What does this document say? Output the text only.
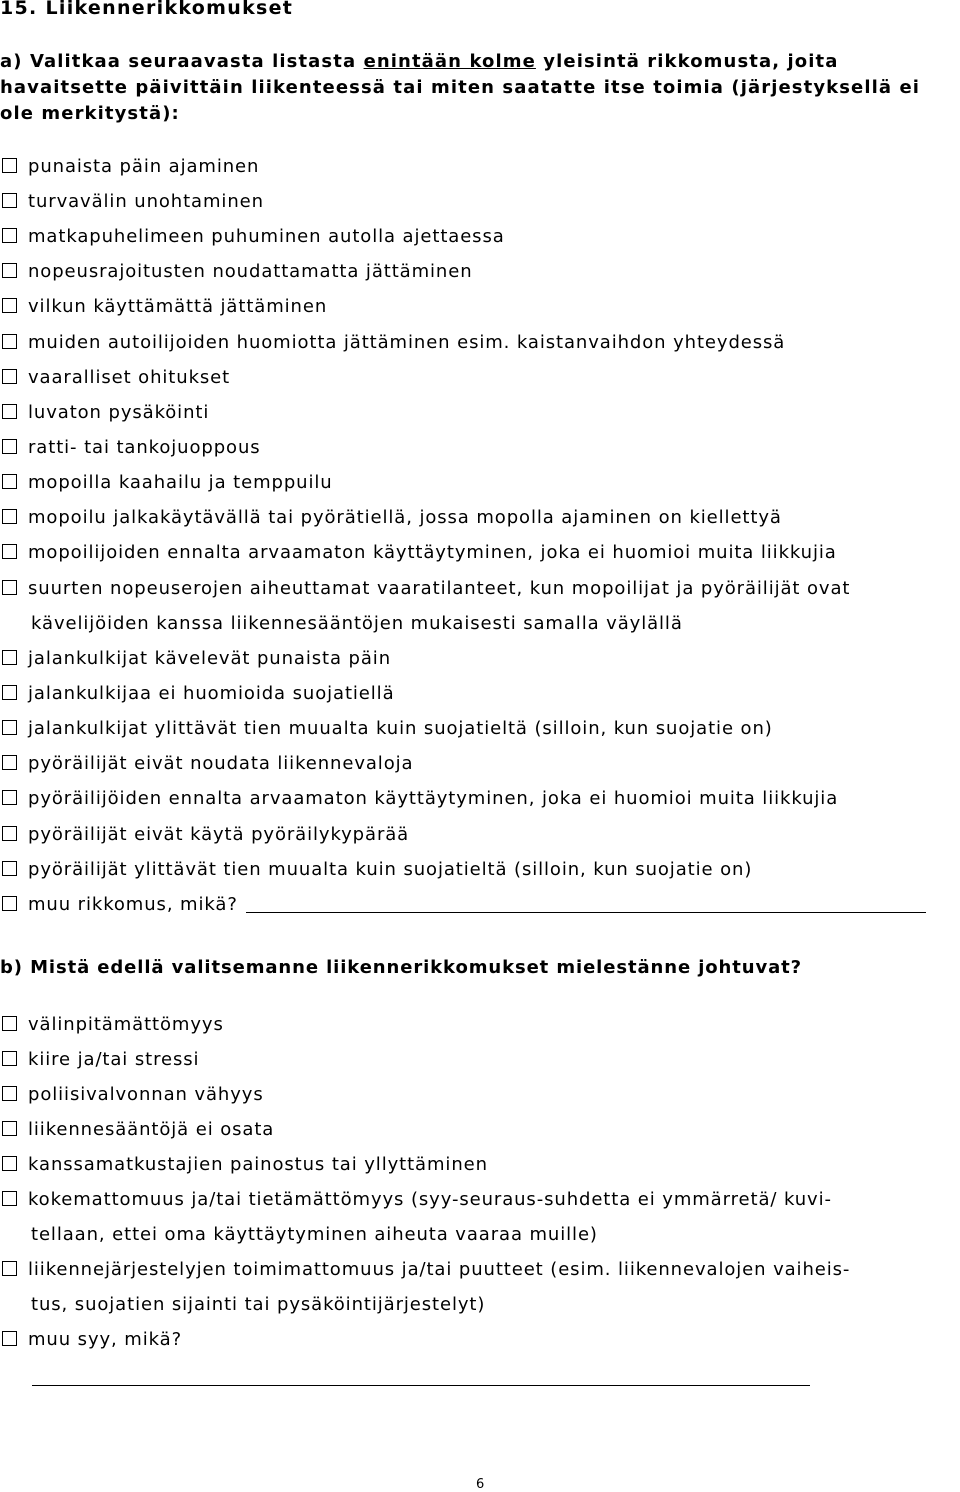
15. Liikennerikkomukset
a) Valitkaa seuraavasta listasta enintään kolme yleisintä rikkomusta, joita havaitsette päivittäin liikenteessä tai miten saatatte itse toimia (järjestyksellä ei ole merkitystä):
punaista päin ajaminen
turvavälin unohtaminen
matkapuhelimeen puhuminen autolla ajettaessa
nopeusrajoitusten noudattamatta jättäminen
vilkun käyttämättä jättäminen
muiden autoilijoiden huomiotta jättäminen esim. kaistanvaihdon yhteydessä
vaaralliset ohitukset
luvaton pysäköinti
ratti- tai tankojuoppous
mopoilla kaahailu ja temppuilu
mopoilu jalkakäytävällä tai pyörätiellä, jossa mopolla ajaminen on kiellettyä
mopoilijoiden ennalta arvaamaton käyttäytyminen, joka ei huomioi muita liikkujia
suurten nopeuserojen aiheuttamat vaaratilanteet, kun mopoilijat ja pyöräilijät ovat
kävelijöiden kanssa liikennesääntöjen mukaisesti samalla väylällä
jalankulkijat kävelevät punaista päin
jalankulkijaa ei huomioida suojatiellä
jalankulkijat ylittävät tien muualta kuin suojatieltä (silloin, kun suojatie on)
pyöräilijät eivät noudata liikennevaloja
pyöräilijöiden ennalta arvaamaton käyttäytyminen, joka ei huomioi muita liikkujia
pyöräilijät eivät käytä pyöräilykypärää
pyöräilijät ylittävät tien muualta kuin suojatieltä (silloin, kun suojatie on)
muu rikkomus, mikä?
b) Mistä edellä valitsemanne liikennerikkomukset mielestänne johtuvat?
välinpitämättömyys
kiire ja/tai stressi
poliisivalvonnan vähyys
liikennesääntöjä ei osata
kanssamatkustajien painostus tai yllyttäminen
kokemattomuus ja/tai tietämättömyys (syy-seuraus-suhdetta ei ymmärretä/ kuvi-
tellaan, ettei oma käyttäytyminen aiheuta vaaraa muille)
liikennejärjestelyjen toimimattomuus ja/tai puutteet (esim. liikennevalojen vaiheis-
tus, suojatien sijainti tai pysäköintijärjestelyt)
muu syy, mikä?
6
